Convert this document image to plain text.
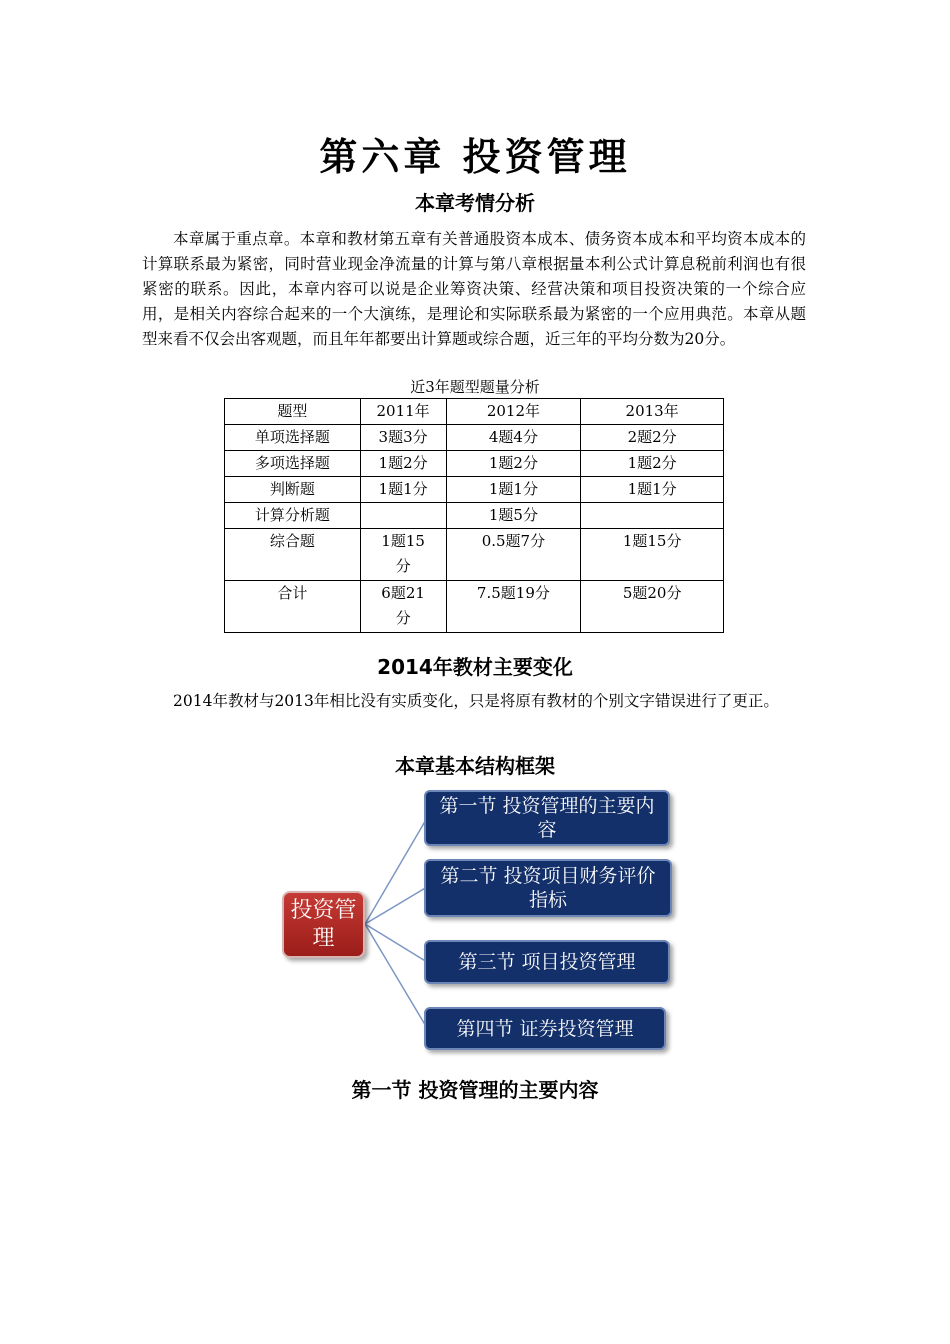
第六章 投资管理
本章考情分析

本章属于重点章。本章和教材第五章有关普通股资本成本、债务资本成本和平均资本成本的计算联系最为紧密，同时营业现金净流量的计算与第八章根据量本利公式计算息税前利润也有很紧密的联系。因此，本章内容可以说是企业筹资决策、经营决策和项目投资决策的一个综合应用，是相关内容综合起来的一个大演练，是理论和实际联系最为紧密的一个应用典范。本章从题型来看不仅会出客观题，而且年年都要出计算题或综合题，近三年的平均分数为20分。

近3年题型题量分析

题型	2011年	2012年	2013年
单项选择题	3题3分	4题4分	2题2分
多项选择题	1题2分	1题2分	1题2分
判断题	1题1分	1题1分	1题1分
计算分析题		1题5分	
综合题	1题15分	0.5题7分	1题15分
合计	6题21分	7.5题19分	5题20分
2014年教材主要变化

2014年教材与2013年相比没有实质变化，只是将原有教材的个别文字错误进行了更正。

本章基本结构框架
投资管理
第一节 投资管理的主要内容
第二节 投资项目财务评价指标
第三节 项目投资管理
第四节 证券投资管理
第一节 投资管理的主要内容
